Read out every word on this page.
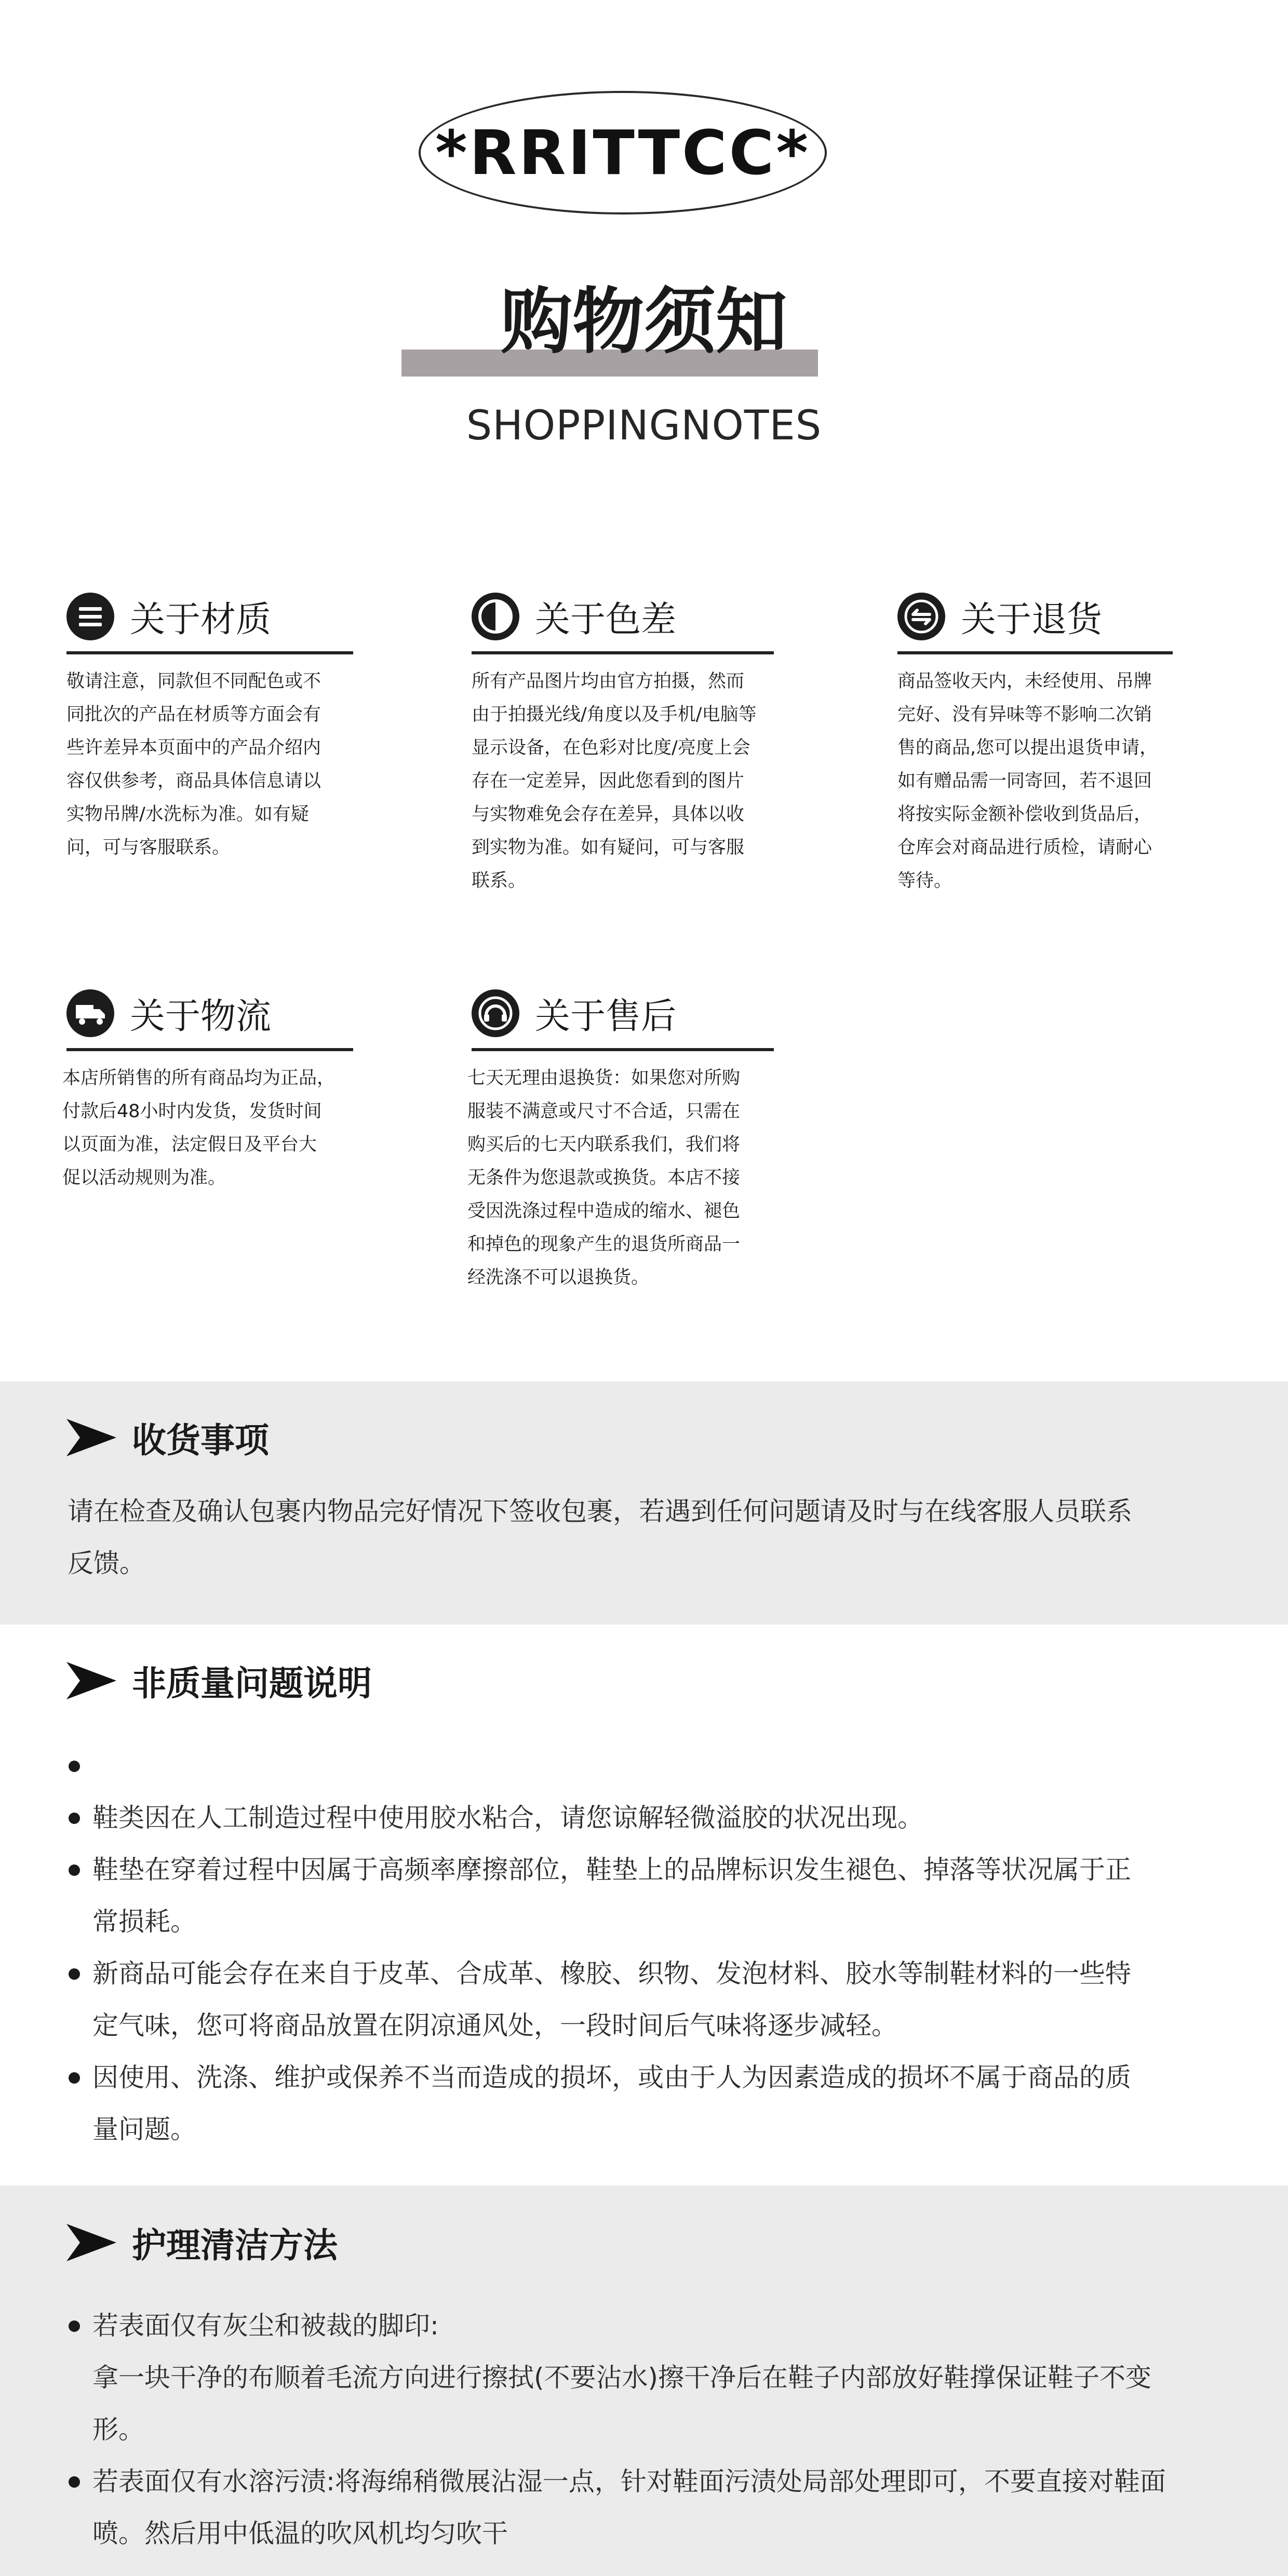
*RRITTCC*
购物须知
SHOPPINGNOTES
关于材质
敬请注意，同款但不同配色或不
同批次的产品在材质等方面会有
些许差异本页面中的产品介绍内
容仅供参考，商品具体信息请以
实物吊牌/水洗标为准。如有疑
问，可与客服联系。
关于色差
所有产品图片均由官方拍摄，然而
由于拍摄光线/角度以及手机/电脑等
显示设备，在色彩对比度/亮度上会
存在一定差异，因此您看到的图片
与实物难免会存在差异，具体以收
到实物为准。如有疑问，可与客服
联系。
关于退货
商品签收天内，未经使用、吊牌
完好、没有异味等不影响二次销
售的商品,您可以提出退货申请，
如有赠品需一同寄回，若不退回
将按实际金额补偿收到货品后，
仓库会对商品进行质检，请耐心
等待。
关于物流
本店所销售的所有商品均为正品，
付款后48小时内发货，发货时间
以页面为准，法定假日及平台大
促以活动规则为准。
关于售后
七天无理由退换货：如果您对所购
服装不满意或尺寸不合适，只需在
购买后的七天内联系我们，我们将
无条件为您退款或换货。本店不接
受因洗涤过程中造成的缩水、褪色
和掉色的现象产生的退货所商品一
经洗涤不可以退换货。
收货事项
请在检查及确认包裹内物品完好情况下签收包裹，若遇到任何问题请及时与在线客服人员联系
反馈。
非质量问题说明
鞋类因在人工制造过程中使用胶水粘合，请您谅解轻微溢胶的状况出现。
鞋垫在穿着过程中因属于高频率摩擦部位，鞋垫上的品牌标识发生褪色、掉落等状况属于正
常损耗。
新商品可能会存在来自于皮革、合成革、橡胶、织物、发泡材料、胶水等制鞋材料的一些特
定气味，您可将商品放置在阴凉通风处，一段时间后气味将逐步减轻。
因使用、洗涤、维护或保养不当而造成的损坏，或由于人为因素造成的损坏不属于商品的质
量问题。
护理清洁方法
若表面仅有灰尘和被裁的脚印:
拿一块干净的布顺着毛流方向进行擦拭(不要沾水)擦干净后在鞋子内部放好鞋撑保证鞋子不变
形。
若表面仅有水溶污渍:将海绵稍微展沾湿一点，针对鞋面污渍处局部处理即可，不要直接对鞋面
喷。然后用中低温的吹风机均匀吹干
